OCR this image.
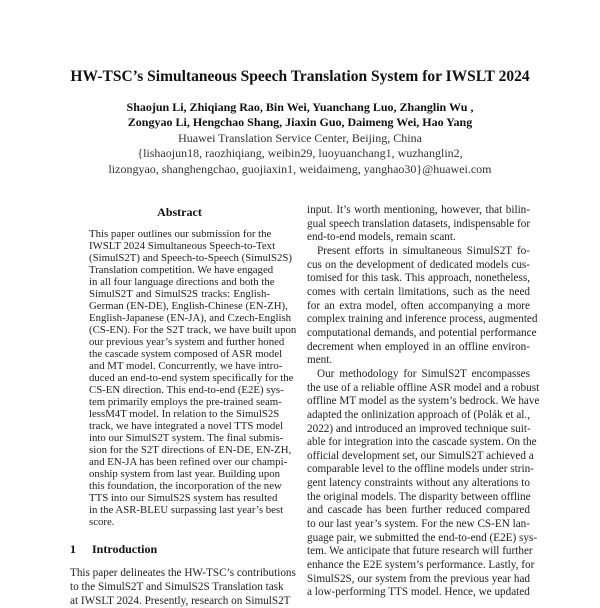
HW-TSC’s Simultaneous Speech Translation System for IWSLT 2024
Shaojun Li, Zhiqiang Rao, Bin Wei, Yuanchang Luo, Zhanglin Wu ,
Zongyao Li, Hengchao Shang, Jiaxin Guo, Daimeng Wei, Hao Yang
Huawei Translation Service Center, Beijing, China
{lishaojun18, raozhiqiang, weibin29, luoyuanchang1, wuzhanglin2,
lizongyao, shanghengchao, guojiaxin1, weidaimeng, yanghao30}@huawei.com
Abstract
This paper outlines our submission for the
IWSLT 2024 Simultaneous Speech-to-Text
(SimulS2T) and Speech-to-Speech (SimulS2S)
Translation competition. We have engaged
in all four language directions and both the
SimulS2T and SimulS2S tracks: English-
German (EN-DE), English-Chinese (EN-ZH),
English-Japanese (EN-JA), and Czech-English
(CS-EN). For the S2T track, we have built upon
our previous year’s system and further honed
the cascade system composed of ASR model
and MT model. Concurrently, we have intro-
duced an end-to-end system specifically for the
CS-EN direction. This end-to-end (E2E) sys-
tem primarily employs the pre-trained seam-
lessM4T model. In relation to the SimulS2S
track, we have integrated a novel TTS model
into our SimulS2T system. The final submis-
sion for the S2T directions of EN-DE, EN-ZH,
and EN-JA has been refined over our champi-
onship system from last year. Building upon
this foundation, the incorporation of the new
TTS into our SimulS2S system has resulted
in the ASR-BLEU surpassing last year’s best
score.
1 Introduction
This paper delineates the HW-TSC’s contributions
to the SimulS2T and SimulS2S Translation task
at IWSLT 2024. Presently, research on SimulS2T
input. It’s worth mentioning, however, that bilin-
gual speech translation datasets, indispensable for
end-to-end models, remain scant.
Present efforts in simultaneous SimulS2T fo-
cus on the development of dedicated models cus-
tomised for this task. This approach, nonetheless,
comes with certain limitations, such as the need
for an extra model, often accompanying a more
complex training and inference process, augmented
computational demands, and potential performance
decrement when employed in an offline environ-
ment.
Our methodology for SimulS2T encompasses
the use of a reliable offline ASR model and a robust
offline MT model as the system’s bedrock. We have
adapted the onlinization approach of (Polák et al.,
2022) and introduced an improved technique suit-
able for integration into the cascade system. On the
official development set, our SimulS2T achieved a
comparable level to the offline models under strin-
gent latency constraints without any alterations to
the original models. The disparity between offline
and cascade has been further reduced compared
to our last year’s system. For the new CS-EN lan-
guage pair, we submitted the end-to-end (E2E) sys-
tem. We anticipate that future research will further
enhance the E2E system’s performance. Lastly, for
SimulS2S, our system from the previous year had
a low-performing TTS model. Hence, we updated
